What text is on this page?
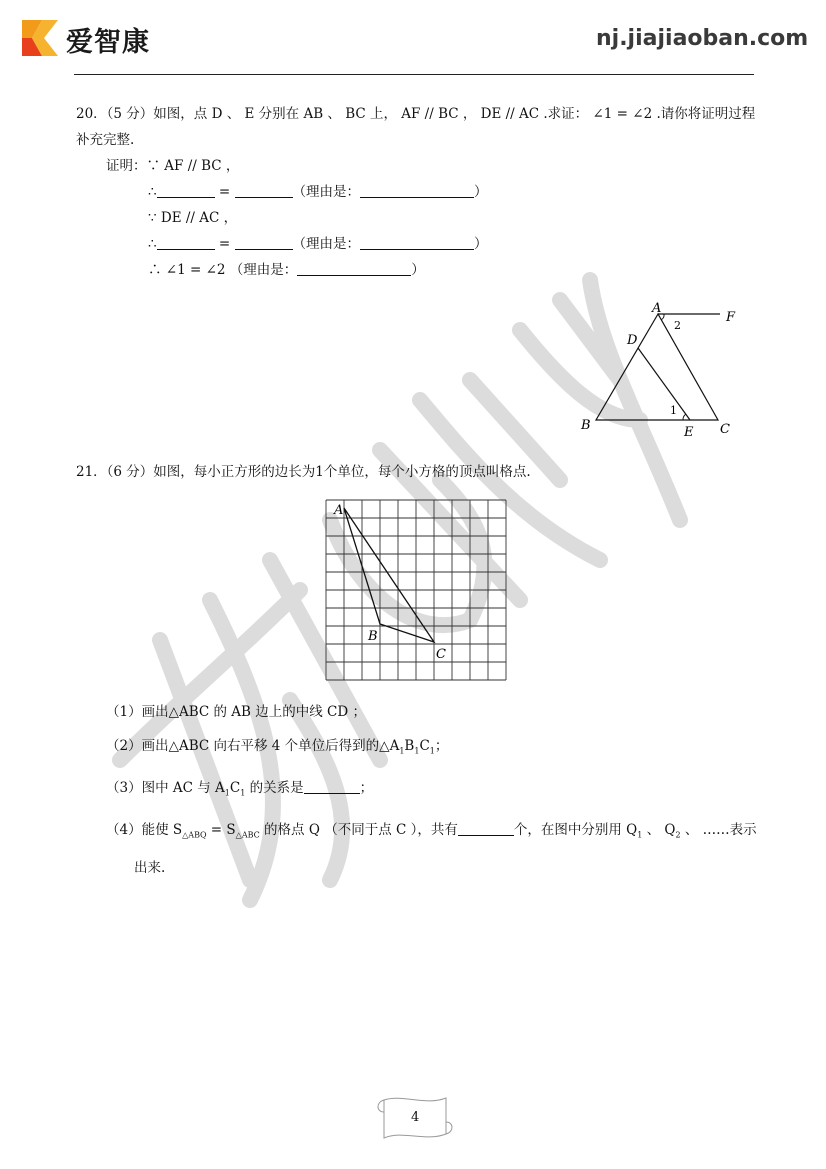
爱智康	nj.jiajiaoban.com
20．（5 分）如图，点 D 、 E 分别在 AB 、 BC 上， AF // BC ， DE // AC .求证： ∠1 = ∠2 .请你将证明过程
补充完整.
证明：∵ AF // BC ，
∴	=	（理由是：	）
∵ DE // AC ，
∴	=	（理由是：	）
∴ ∠1 = ∠2 （理由是：	）
A
F
D
B	E C
1
2
21．（6 分）如图，每小正方形的边长为1个单位，每个小方格的顶点叫格点.
A
B
C
（1）画出△ABC 的 AB 边上的中线 CD ；
（2）画出△ABC 向右平移 4 个单位后得到的$\triangle A_1B_1C_1$；
（3）图中 AC 与 $A_1C_1$ 的关系是	；
（4）能使 $S_{\triangle ABQ} = S_{\triangle ABC}$ 的格点 Q （不同于点 C ），共有	个，在图中分别用 $Q_1$ 、 $Q_2$ 、 ……表示
出来.
4
